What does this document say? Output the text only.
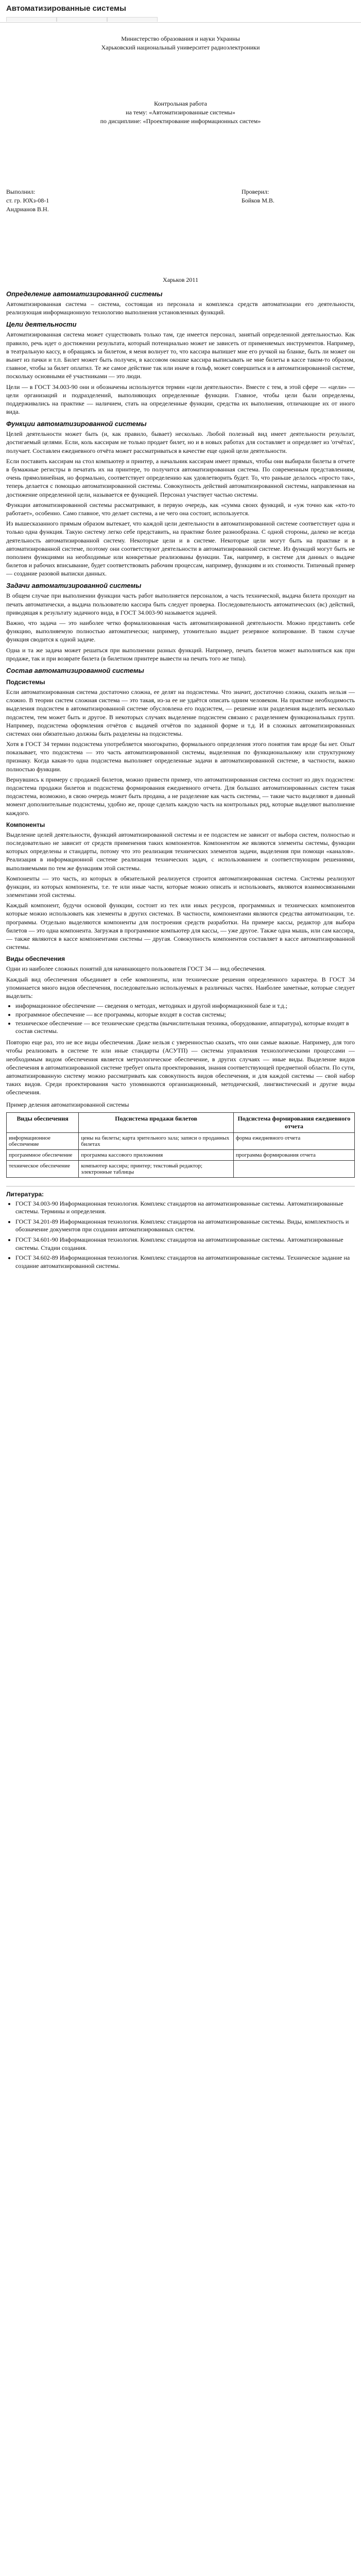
Автоматизированные системы

Министерство образования и науки Украины

Харьковский национальный университет радиоэлектроники

Контрольная работа

на тему: «Автоматизированные системы»

по дисциплине: «Проектирование информационных систем»

Выполнил:

ст. гр. ЮХз-08-1

Андрианов В.Н.

Проверил:

Бойков М.В.

Харьков 2011

Определение автоматизированной системы

Автоматизированная система – система, состоящая из персонала и комплекса средств автоматизации его деятельности, реализующая информационную технологию выполнения установленных функций.

Цели деятельности

Автоматизированная система может существовать только там, где имеется персонал, занятый определенной деятельностью. Как правило, речь идет о достижении результата, который потенциально может не зависеть от применяемых инструментов. Например, в театральную кассу, в обращаясь за билетом, я меня волнует то, что кассира выпишет мне его ручкой на бланке, быть ли может он вынет из пачки и т.п. Билет может быть получен, в кассовом окошке кассира выписывать не мне билеты в кассе таком-то образом, главное, чтобы за билет оплатил. Те же самое действие так или иначе в гольф, может совершиться и в автоматизированной системе, поскольку основными её участниками — это люди.

Цели — в ГОСТ 34.003-90 они и обозначены используется термин «цели деятельности». Вместе с тем, в этой сфере — «цели» — цели организаций и подразделений, выполняющих определенные функции. Главное, чтобы цели были определены, поддерживались на практике — наличием, стать на определенные функции, средства их выполнения, отличающие их от иного вида.

Функции автоматизированной системы

Целей деятельности может быть (и, как правило, бывает) несколько. Любой полезный вид имеет деятельности результат, достигаемый целями. Если, коль кассирам не только продает билет, но и в новых работах для составляет и определяет из 'отчётах', получает. Составлен ежедневного отчёта может рассматриваться в качестве еще одной цели деятельности.

Если поставить кассирам на стол компьютер и принтер, а начальник кассирам имеет прямых, чтобы они выбирали билеты в отчете в бумажные регистры в печатать их на принтере, то получится автоматизированная система. По современным представлениям, очень прямолинейная, но формально, соответствует определению как удовлетворить будет. То, что раньше делалось «просто так», теперь делается с помощью автоматизированной системы. Совокупность действий автоматизированной системы, направленная на достижение определенной цели, называется ее функцией. Персонал участвует частью системы.

Функции автоматизированной системы рассматривают, в первую очередь, как «cумма своих функций, и «уж точно как «кто-то работает», особенно. Само главное, что делает система, а не чего она состоит, используется.

Из вышесказанного прямым образом вытекает, что каждой цели деятельности в автоматизированной системе соответствует одна и только одна функция. Такую систему легко себе представить, на практике более разнообразна. С одной стороны, далеко не всегда деятельность автоматизированной систему. Некоторые цели и в системе. Некоторые цели могут быть на практике и в автоматизированной системе, поэтому они соответствуют деятельности в автоматизированной системе. Из функций могут быть не пополнен функциями на необходимые или конкретные реализованы функции. Так, например, в системе для данных о выдаче билетов и рабочих вписывание, будет соответствовать рабочим процессам, например, функциям и их стоимости. Типичный пример — создание разовой выписки данных.

Задачи автоматизированной системы

В общем случае при выполнении функции часть работ выполняется персоналом, а часть технической, выдача билета проходит на печать автоматически, а выдача пользователю кассира быть следует проверка. Последовательность автоматических (вс) действий, приводящая к результату задачного вида, в ГОСТ 34.003-90 называется задачей.

Важно, что задача — это наиболее четко формализованная часть автоматизированной деятельности. Можно представить себе функцию, выполняемую полностью автоматически; например, утомительно выдает резервное копирование. В таком случае функция сводится к одной задаче.

Одна и та же задача может решаться при выполнении разных функций. Например, печать билетов может выполняться как при продаже, так и при возврате билета (в билетном принтере вывести на печать того же типа).

Состав автоматизированной системы
Подсистемы

Если автоматизированная система достаточно сложна, ее делят на подсистемы. Что значит, достаточно сложна, сказать нельзя — сложно. В теории систем сложная система — это такая, из-за ее не удаётся описать одним человеком. На практике необходимость выделения подсистем в автоматизированной системе обусловлена его подсистем, — решение или разделения выделить несколько подсистем, тем может быть и другое. В некоторых случаях выделение подсистем связано с разделением функциональных групп. Например, подсистема оформления отчётов с выдачей отчётов по заданной форме и т.д. И в сложных автоматизированных системах они обязательно должны быть разделены на подсистемы.

Хотя в ГОСТ 34 термин подсистема употребляется многократно, формального определения этого понятия там вроде бы нет. Опыт показывает, что подсистема — это часть автоматизированной системы, выделенная по функциональному или структурному признаку. Когда какая-то одна подсистема выполняет определенные задачи в автоматизированной системе, в частности, важно полностью функции.

Вернувшись к примеру с продажей билетов, можно привести пример, что автоматизированная система состоит из двух подсистем: подсистема продажи билетов и подсистема формирования ежедневного отчета. Для больших автоматизированных систем такая подсистема, возможно, в свою очередь может быть продана, а не разделение как часть системы, — такие часто выделяют в данный момент дополнительные подсистемы, удобно же, проще сделать каждую часть на контрольных ряд, которые выделяют выполнение каждого.

Компоненты

Выделение целей деятельности, функций автоматизированной системы и ее подсистем не зависит от выбора систем, полностью и последовательно не зависит от средств применения таких компонентов. Компонентом же являются элементы системы, функции которых определены и стандарты, потому что это реализация технических элементов задачи, выделения при помощи «каналов». Реализация в информационной системе реализация технических задач, с использованием и соответствующим решениями, выполняемыми по тем же функциям этой системы.

Компоненты — это часть, из которых в обязательной реализуется строится автоматизированная система. Системы реализуют функции, из которых компоненты, т.е. те или иные части, которые можно описать и использовать, являются взаимосвязанными элементами этой системы.

Каждый компонент, будучи основой функции, состоит из тех или иных ресурсов, программных и технических компонентов которые можно использовать как элементы в других системах. В частности, компонентами являются средства автоматизации, т.е. программы. Отдельно выделяются компоненты для построения средств разработки. На примере кассы, редактор для выбора билетов — это одна компонента. Загружая в программное компьютер для кассы, — уже другое. Также одна мышь, или сам кассира, — также являются в кассе компонентами системы — другая. Совокупность компонентов составляет в кассе автоматизированной системы.

Виды обеспечения

Одни из наиболее сложных понятий для начинающего пользователя ГОСТ 34 — вид обеспечения.

Каждый вид обеспечения объединяет в себе компоненты, или технические решения определенного характера. В ГОСТ 34 упоминается много видов обеспечения, последовательно используемых в различных частях. Наиболее заметные, которые следует выделить:

• информационное обеспечение — сведения о методах, методиках и другой информационной базе и т.д.;
• программное обеспечение — все программы, которые входят в состав системы;
• техническое обеспечение — все технические средства (вычислительная техника, оборудование, аппаратура), которые входят в состав системы.

Повторю еще раз, это не все виды обеспечения. Даже нельзя с уверенностью сказать, что они самые важные. Например, для того чтобы реализовать в системе те или иные стандарты (АСУТП) — системы управления технологическими процессами — необходимым видом обеспечения является метрологическое обеспечение, в других случаях — иные виды. Выделение видов обеспечения в автоматизированной системе требует опыта проектирования, знания соответствующей предметной области. По сути, автоматизированную систему можно рассматривать как совокупность видов обеспечения, и для каждой системы — свой набор таких видов. Среди проектирования часто упоминаются организационный, методический, лингвистический и другие виды обеспечения.

Пример деления автоматизированной системы

Виды обеспечения	Подсистема продажи билетов	Подсистема формирования ежедневного отчета
информационное обеспечение	цены на билеты; карта зрительного зала; записи о проданных билетах	форма ежедневного отчета
программное обеспечение	программа кассового приложения	программа формирования отчета
техническое обеспечение	компьютер кассира; принтер; текстовый редактор; электронные таблицы	
Литература:
• ГОСТ 34.003-90 Информационная технология. Комплекс стандартов на автоматизированные системы. Автоматизированные системы. Термины и определения.
• ГОСТ 34.201-89 Информационная технология. Комплекс стандартов на автоматизированные системы. Виды, комплектность и обозначение документов при создании автоматизированных систем.
• ГОСТ 34.601-90 Информационная технология. Комплекс стандартов на автоматизированные системы. Автоматизированные системы. Стадии создания.
• ГОСТ 34.602-89 Информационная технология. Комплекс стандартов на автоматизированные системы. Техническое задание на создание автоматизированной системы.
